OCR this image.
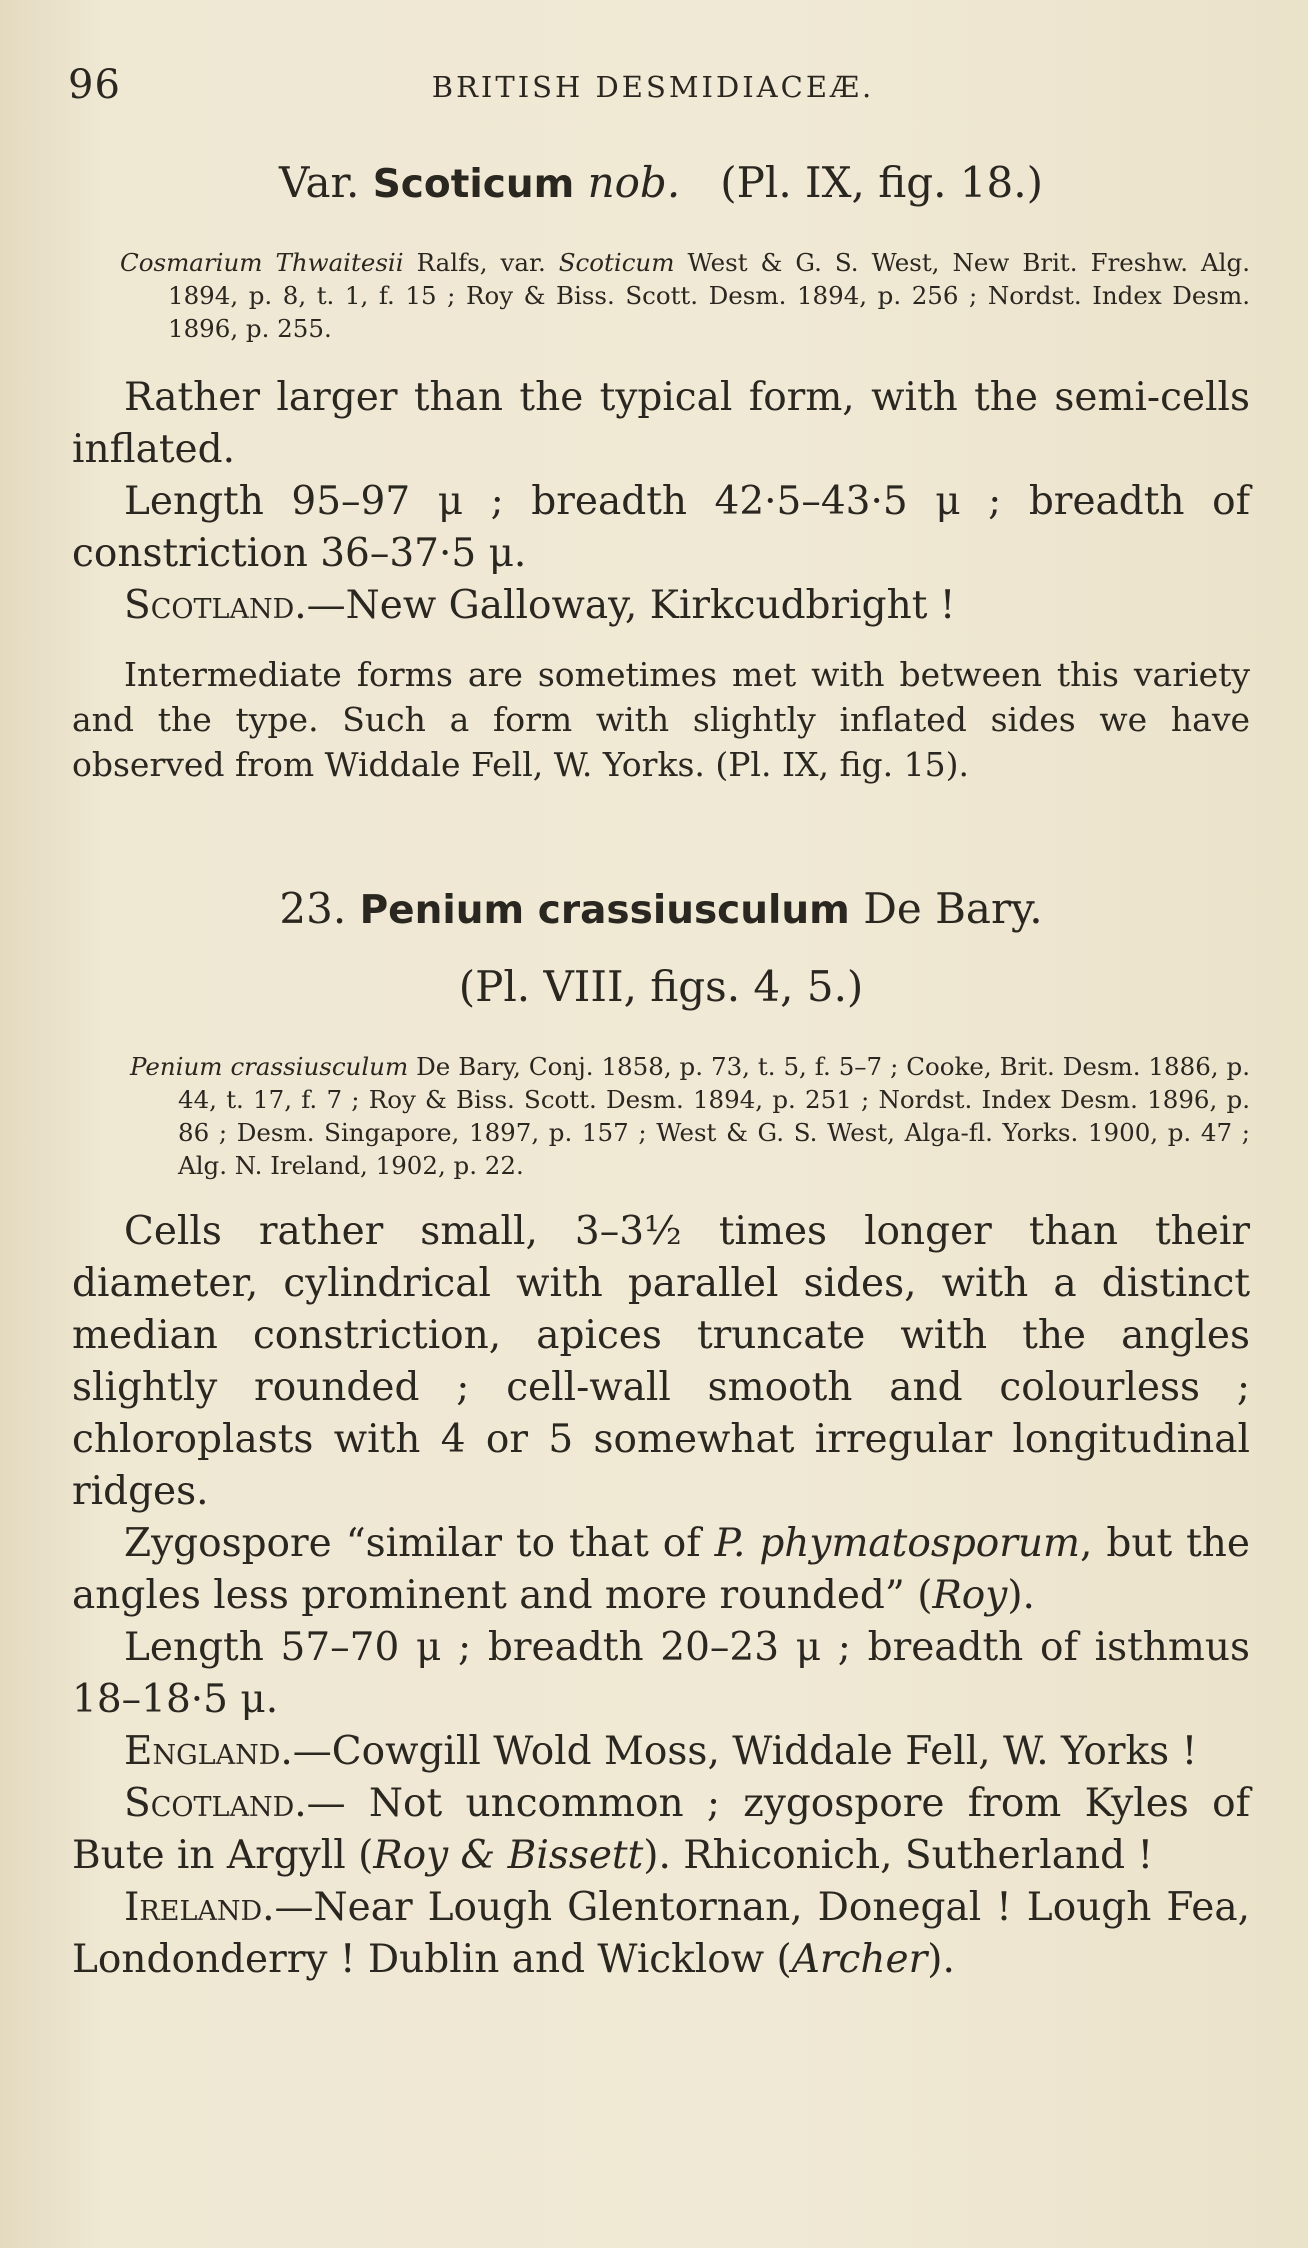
96	BRITISH DESMIDIACEÆ.
Var. Scoticum nob. (Pl. IX, fig. 18.)
Cosmarium Thwaitesii Ralfs, var. Scoticum West & G. S. West, New Brit. Freshw. Alg. 1894, p. 8, t. 1, f. 15 ; Roy & Biss. Scott. Desm. 1894, p. 256 ; Nordst. Index Desm. 1896, p. 255.

Rather larger than the typical form, with the semi-cells inflated.

Length 95–97 μ ; breadth 42·5–43·5 μ ; breadth of constriction 36–37·5 μ.

Scotland.—New Galloway, Kirkcudbright !

Intermediate forms are sometimes met with between this variety and the type. Such a form with slightly inflated sides we have observed from Widdale Fell, W. Yorks. (Pl. IX, fig. 15).

23. Penium crassiusculum De Bary.
(Pl. VIII, figs. 4, 5.)
Penium crassiusculum De Bary, Conj. 1858, p. 73, t. 5, f. 5–7 ; Cooke, Brit. Desm. 1886, p. 44, t. 17, f. 7 ; Roy & Biss. Scott. Desm. 1894, p. 251 ; Nordst. Index Desm. 1896, p. 86 ; Desm. Singapore, 1897, p. 157 ; West & G. S. West, Alga-fl. Yorks. 1900, p. 47 ; Alg. N. Ireland, 1902, p. 22.

Cells rather small, 3–3½ times longer than their diameter, cylindrical with parallel sides, with a distinct median constriction, apices truncate with the angles slightly rounded ; cell-wall smooth and colourless ; chloroplasts with 4 or 5 somewhat irregular longitudinal ridges.

Zygospore “similar to that of P. phymatosporum, but the angles less prominent and more rounded” (Roy).

Length 57–70 μ ; breadth 20–23 μ ; breadth of isthmus 18–18·5 μ.

England.—Cowgill Wold Moss, Widdale Fell, W. Yorks !

Scotland.— Not uncommon ; zygospore from Kyles of Bute in Argyll (Roy & Bissett). Rhiconich, Sutherland !

Ireland.—Near Lough Glentornan, Donegal ! Lough Fea, Londonderry ! Dublin and Wicklow (Archer).
